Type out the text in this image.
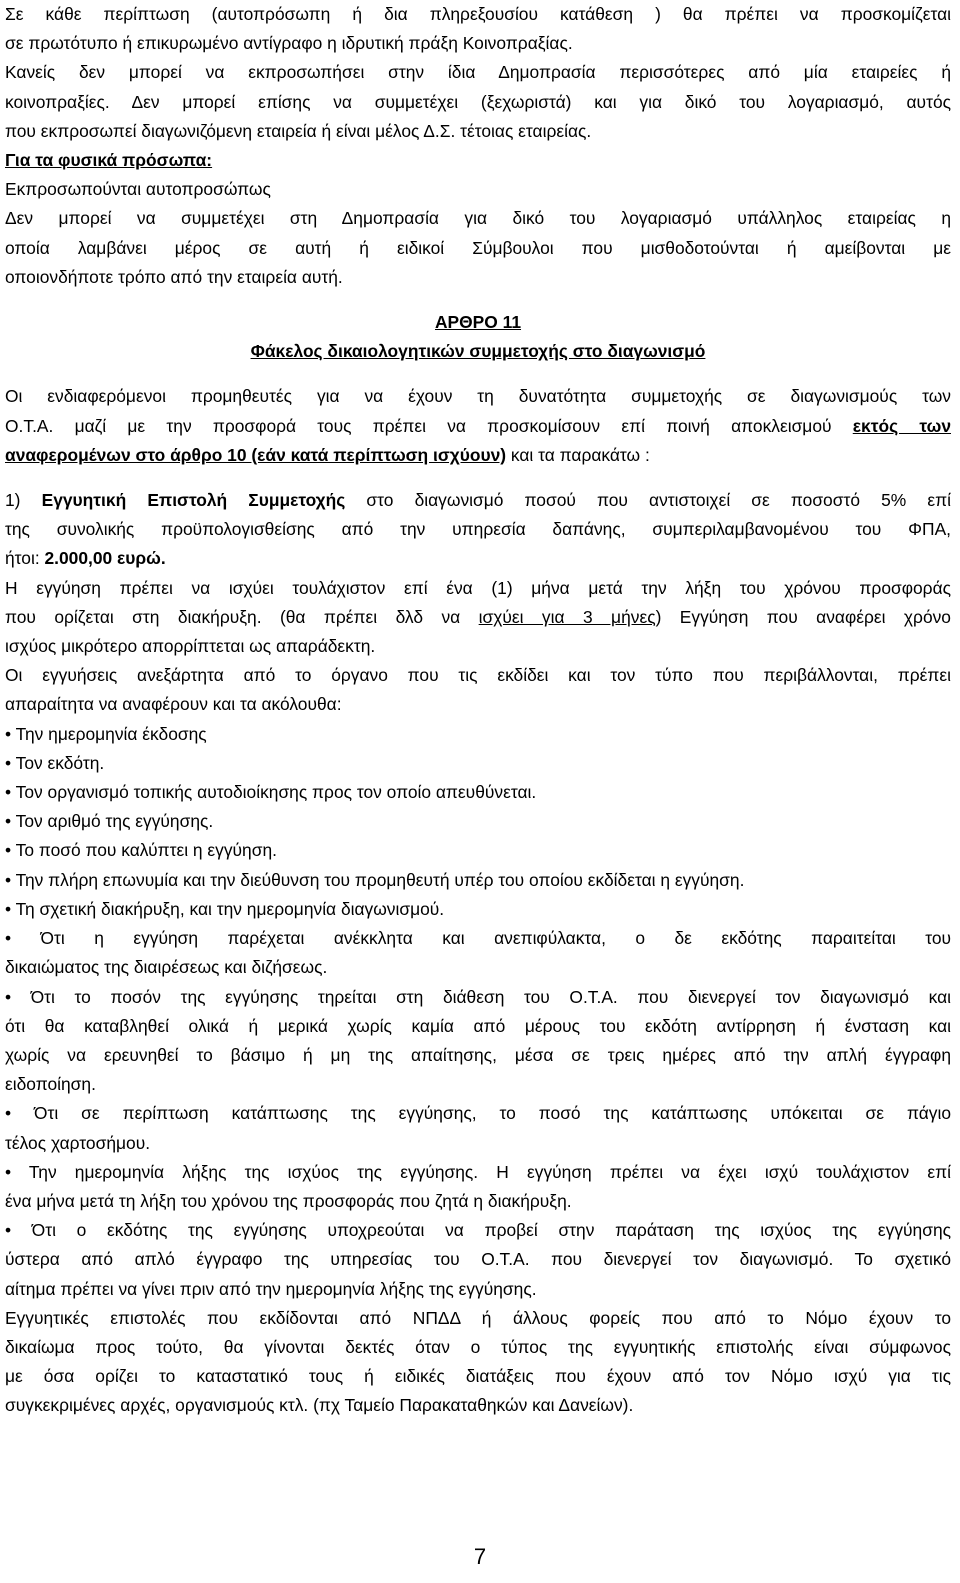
Σε κάθε περίπτωση (αυτοπρόσωπη ή δια πληρεξουσίου κατάθεση ) θα πρέπει να προσκομίζεται
σε πρωτότυπο ή επικυρωμένο αντίγραφο η ιδρυτική πράξη Κοινοπραξίας.
Κανείς δεν μπορεί να εκπροσωπήσει στην ίδια Δημοπρασία περισσότερες από μία εταιρείες ή
κοινοπραξίες. Δεν μπορεί επίσης να συμμετέχει (ξεχωριστά) και για δικό του λογαριασμό, αυτός
που εκπροσωπεί διαγωνιζόμενη εταιρεία ή είναι μέλος Δ.Σ. τέτοιας εταιρείας.
Για τα φυσικά πρόσωπα:
Εκπροσωπούνται αυτοπροσώπως
Δεν μπορεί να συμμετέχει στη Δημοπρασία για δικό του λογαριασμό υπάλληλος εταιρείας η
οποία λαμβάνει μέρος σε αυτή ή ειδικοί Σύμβουλοι που μισθοδοτούνται ή αμείβονται με
οποιονδήποτε τρόπο από την εταιρεία αυτή.
ΑΡΘΡΟ 11
Φάκελος δικαιολογητικών συμμετοχής στο διαγωνισμό
Οι ενδιαφερόμενοι προμηθευτές για να έχουν τη δυνατότητα συμμετοχής σε διαγωνισμούς των
Ο.Τ.Α. μαζί με την προσφορά τους πρέπει να προσκομίσουν επί ποινή αποκλεισμού εκτός των
αναφερομένων στο άρθρο 10 (εάν κατά περίπτωση ισχύουν) και τα παρακάτω :
1) Εγγυητική Επιστολή Συμμετοχής στο διαγωνισμό ποσού που αντιστοιχεί σε ποσοστό 5% επί
της συνολικής προϋπολογισθείσης από την υπηρεσία δαπάνης, συμπεριλαμβανομένου του ΦΠΑ,
ήτοι: 2.000,00 ευρώ.
Η εγγύηση πρέπει να ισχύει τουλάχιστον επί ένα (1) μήνα μετά την λήξη του χρόνου προσφοράς
που ορίζεται στη διακήρυξη. (θα πρέπει δλδ να ισχύει για 3 μήνες) Εγγύηση που αναφέρει χρόνο
ισχύος μικρότερο απορρίπτεται ως απαράδεκτη.
Οι εγγυήσεις ανεξάρτητα από το όργανο που τις εκδίδει και τον τύπο που περιβάλλονται, πρέπει
απαραίτητα να αναφέρουν και τα ακόλουθα:
• Την ημερομηνία έκδοσης
• Τον εκδότη.
• Τον οργανισμό τοπικής αυτοδιοίκησης προς τον οποίο απευθύνεται.
• Τον αριθμό της εγγύησης.
• Το ποσό που καλύπτει η εγγύηση.
• Την πλήρη επωνυμία και την διεύθυνση του προμηθευτή υπέρ του οποίου εκδίδεται η εγγύηση.
• Τη σχετική διακήρυξη, και την ημερομηνία διαγωνισμού.
• Ότι η εγγύηση παρέχεται ανέκκλητα και ανεπιφύλακτα, ο δε εκδότης παραιτείται του
δικαιώματος της διαιρέσεως και διζήσεως.
• Ότι το ποσόν της εγγύησης τηρείται στη διάθεση του Ο.Τ.Α. που διενεργεί τον διαγωνισμό και
ότι θα καταβληθεί ολικά ή μερικά χωρίς καμία από μέρους του εκδότη αντίρρηση ή ένσταση και
χωρίς να ερευνηθεί το βάσιμο ή μη της απαίτησης, μέσα σε τρεις ημέρες από την απλή έγγραφη
ειδοποίηση.
• Ότι σε περίπτωση κατάπτωσης της εγγύησης, το ποσό της κατάπτωσης υπόκειται σε πάγιο
τέλος χαρτοσήμου.
• Την ημερομηνία λήξης της ισχύος της εγγύησης. Η εγγύηση πρέπει να έχει ισχύ τουλάχιστον επί
ένα μήνα μετά τη λήξη του χρόνου της προσφοράς που ζητά η διακήρυξη.
• Ότι ο εκδότης της εγγύησης υποχρεούται να προβεί στην παράταση της ισχύος της εγγύησης
ύστερα από απλό έγγραφο της υπηρεσίας του Ο.Τ.Α. που διενεργεί τον διαγωνισμό. Το σχετικό
αίτημα πρέπει να γίνει πριν από την ημερομηνία λήξης της εγγύησης.
Εγγυητικές επιστολές που εκδίδονται από ΝΠΔΔ ή άλλους φορείς που από το Νόμο έχουν το
δικαίωμα προς τούτο, θα γίνονται δεκτές όταν ο τύπος της εγγυητικής επιστολής είναι σύμφωνος
με όσα ορίζει το καταστατικό τους ή ειδικές διατάξεις που έχουν από τον Νόμο ισχύ για τις
συγκεκριμένες αρχές, οργανισμούς κτλ. (πχ Ταμείο Παρακαταθηκών και Δανείων).
7
